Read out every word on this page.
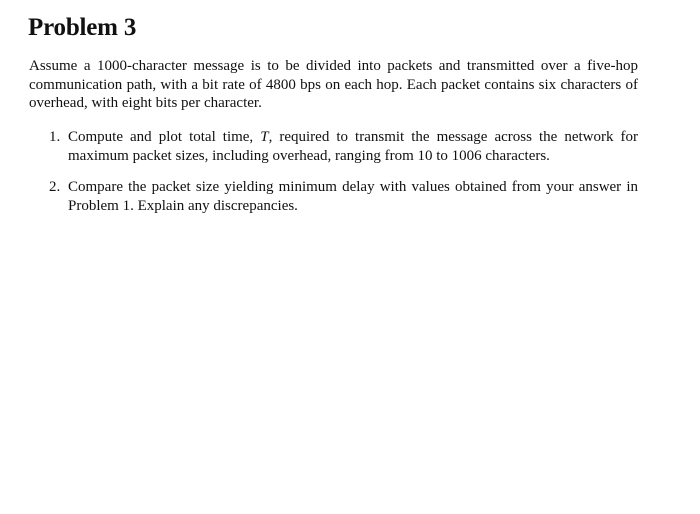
Problem 3

Assume a 1000-character message is to be divided into packets and transmitted over a five-hop communication path, with a bit rate of 4800 bps on each hop. Each packet contains six characters of overhead, with eight bits per character.

1. Compute and plot total time, T, required to transmit the message across the network for maximum packet sizes, including overhead, ranging from 10 to 1006 characters.
2. Compare the packet size yielding minimum delay with values obtained from your answer in Problem 1. Explain any discrepancies.
